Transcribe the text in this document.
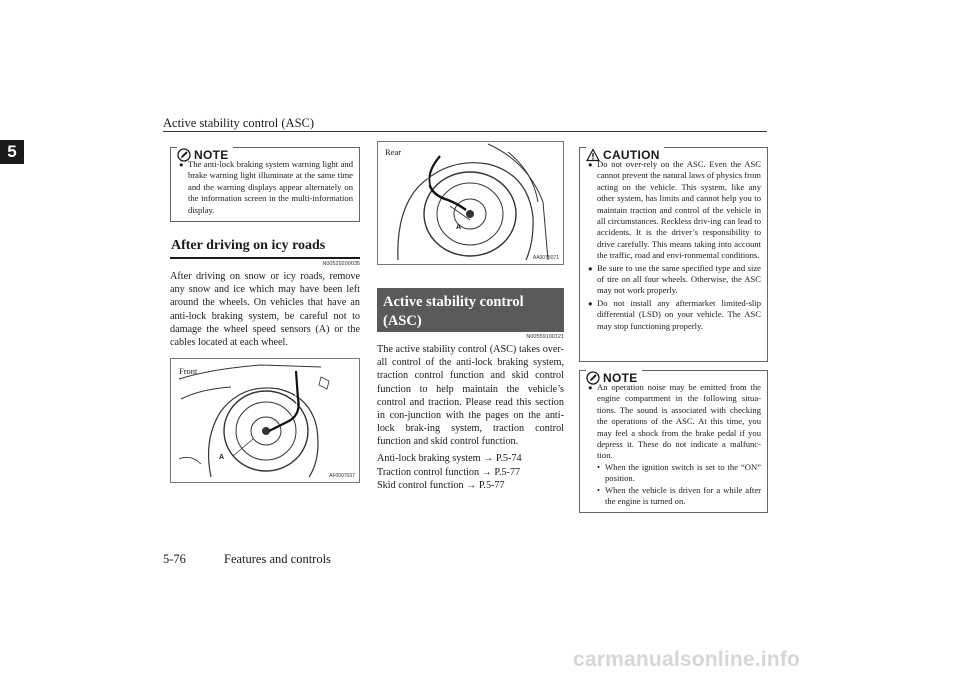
Active stability control (ASC)
5	NOTE
● The anti-lock braking system warning light and brake warning light illuminate at the same time and the warning displays appear alternately on the information screen in the multi-information display.
After driving on icy roads
N00529200035
After driving on snow or icy roads, remove any snow and ice which may have been left around the wheels. On vehicles that have an anti-lock braking system, be careful not to damage the wheel speed sensors (A) or the cables located at each wheel.
Front
A
AF0007037
Rear
A
AA0075071
Active stability control (ASC)
N00559100121
The active stability control (ASC) takes over-all control of the anti-lock braking system, traction control function and skid control function to help maintain the vehicle’s control and traction. Please read this section in con-junction with the pages on the anti-lock brak-ing system, traction control function and skid control function.
Anti-lock braking system → P.5-74
Traction control function → P.5-77
Skid control function → P.5-77
CAUTION
● Do not over-rely on the ASC. Even the ASC cannot prevent the natural laws of physics from acting on the vehicle. This system, like any other system, has limits and cannot help you to maintain traction and control of the vehicle in all circumstances. Reckless driv-ing can lead to accidents. It is the driver’s responsibility to drive carefully. This means taking into account the traffic, road and envi-ronmental conditions.
● Be sure to use the same specified type and size of tire on all four wheels. Otherwise, the ASC may not work properly.
● Do not install any aftermarket limited-slip differential (LSD) on your vehicle. The ASC may stop functioning properly.
NOTE
● An operation noise may be emitted from the engine compartment in the following situa-tions. The sound is associated with checking the operations of the ASC. At this time, you may feel a shock from the brake pedal if you depress it. These do not indicate a malfunc-tion.
• When the ignition switch is set to the “ON” position.
• When the vehicle is driven for a while after the engine is turned on.
5-76	Features and controls
carmanualsonline.info
